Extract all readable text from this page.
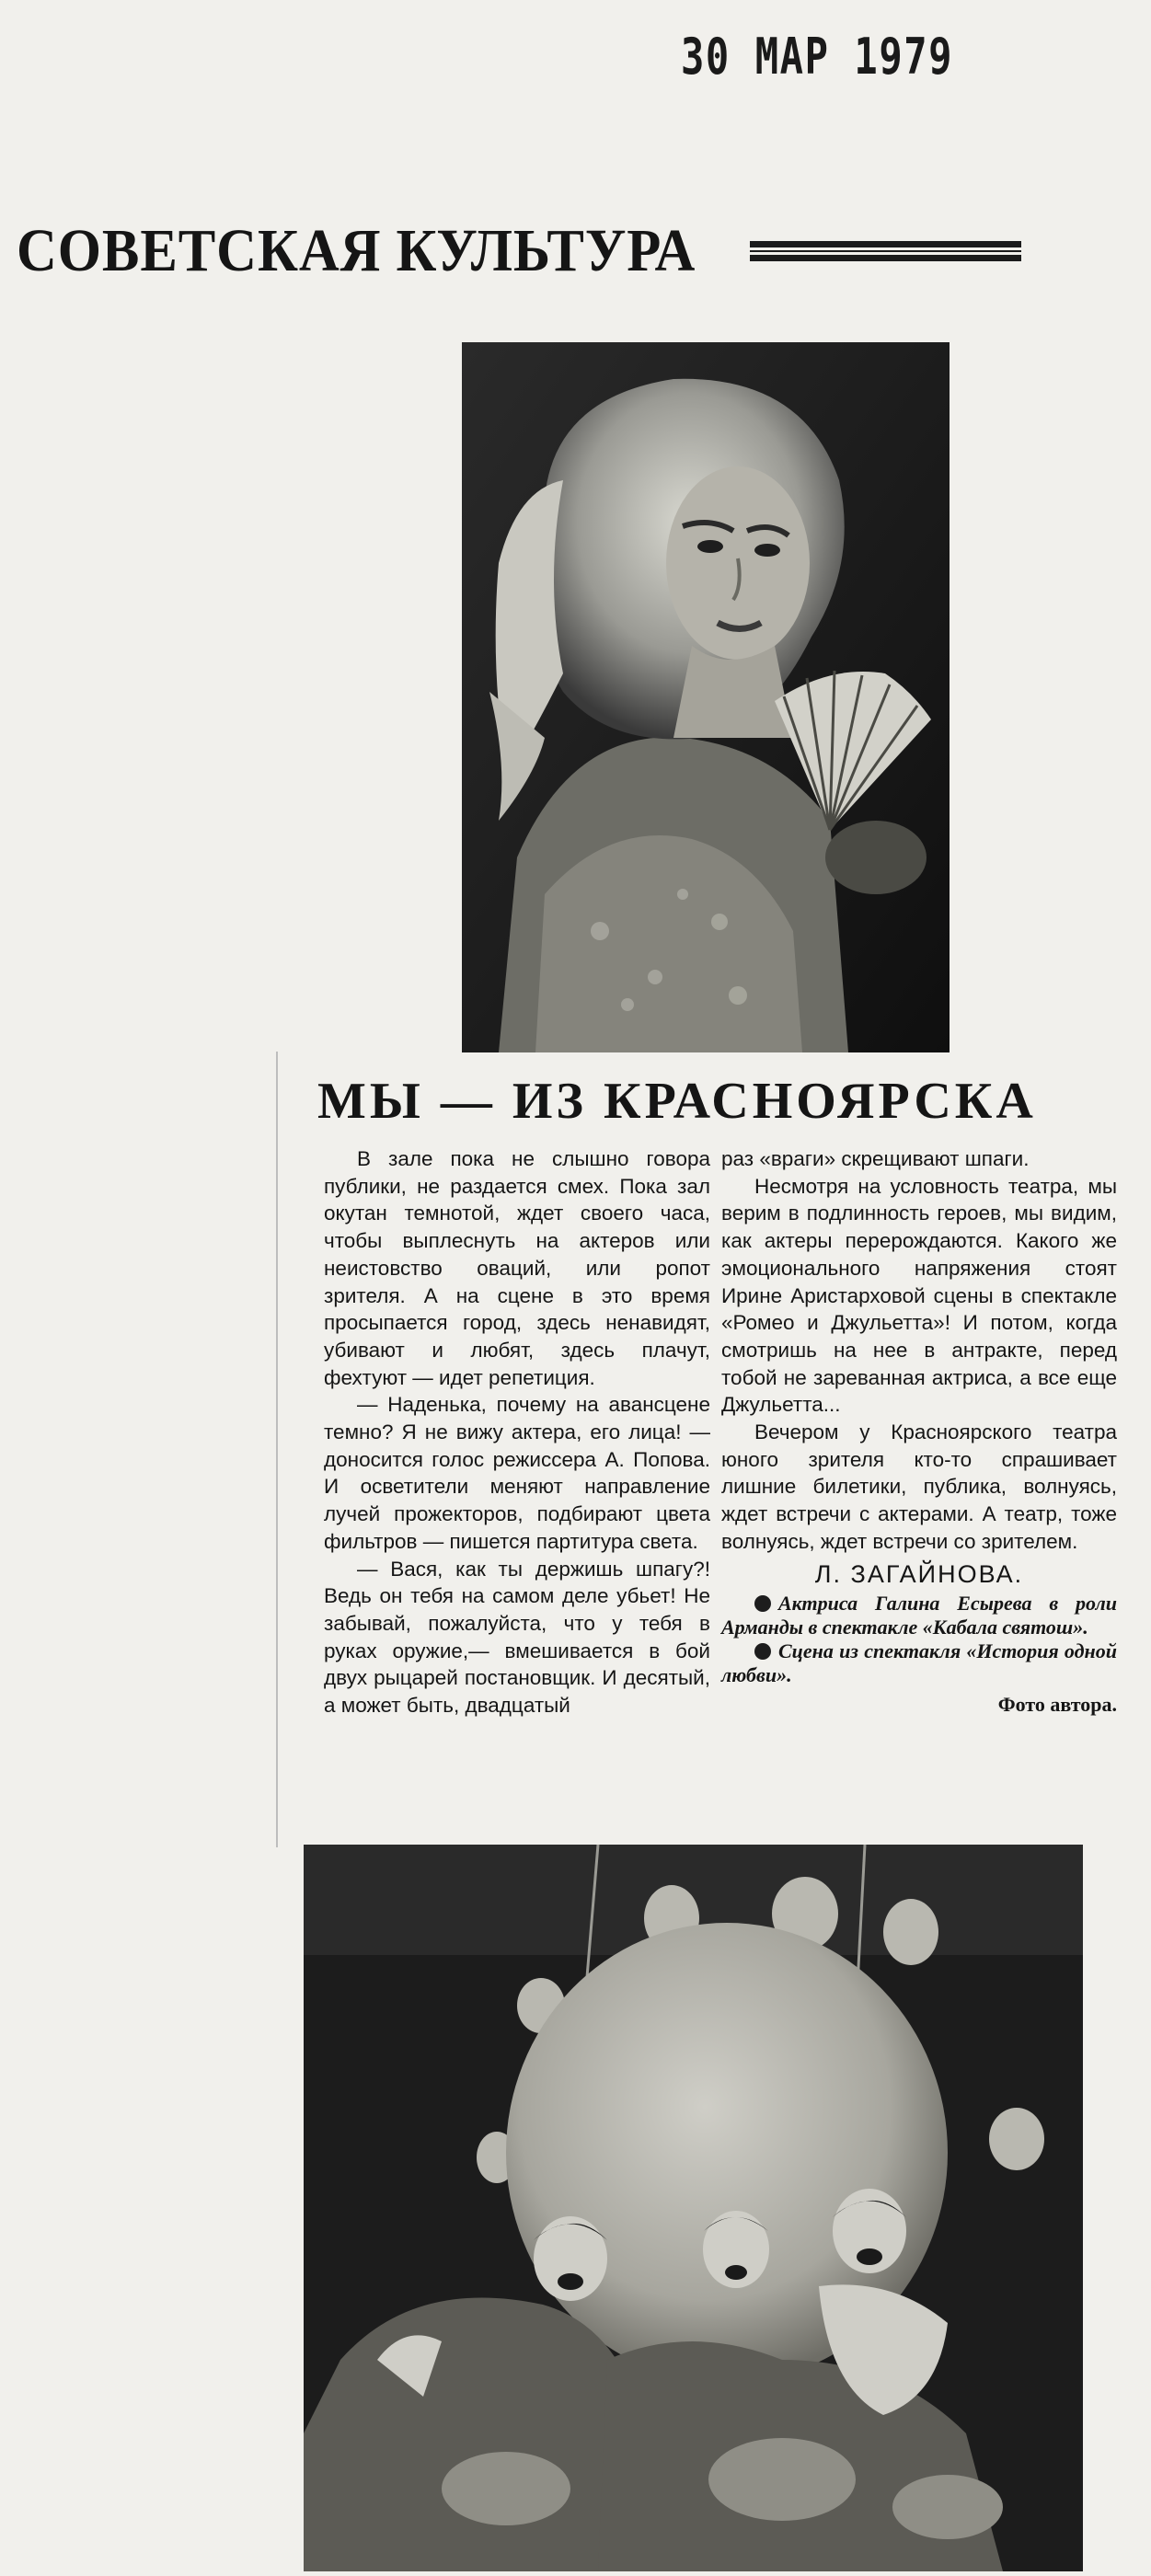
30 МАР 1979
СОВЕТСКАЯ КУЛЬТУРА
МЫ — ИЗ КРАСНОЯРСКА

В зале пока не слышно говора публики, не раздается смех. Пока зал окутан темнотой, ждет своего часа, чтобы выплеснуть на актеров или неистовство оваций, или ропот зрителя. А на сцене в это время просыпается город, здесь ненавидят, убивают и любят, здесь плачут, фехтуют — идет репетиция.

— Наденька, почему на авансцене темно? Я не вижу актера, его лица! — доносится голос режиссера А. Попова. И осветители меняют направление лучей прожекторов, подбирают цвета фильтров — пишется партитура света.

— Вася, как ты держишь шпагу?! Ведь он тебя на самом деле убьет! Не забывай, пожалуйста, что у тебя в руках оружие,— вмешивается в бой двух рыцарей постановщик. И десятый, а может быть, двадцатый

раз «враги» скрещивают шпаги.

Несмотря на условность театра, мы верим в подлинность героев, мы видим, как актеры перерождаются. Какого же эмоционального напряжения стоят Ирине Аристарховой сцены в спектакле «Ромео и Джульетта»! И потом, когда смотришь на нее в антракте, перед тобой не зареванная актриса, а все еще Джульетта...

Вечером у Красноярского театра юного зрителя кто-то спрашивает лишние билетики, публика, волнуясь, ждет встречи с актерами. А театр, тоже волнуясь, ждет встречи со зрителем.

Л. ЗАГАЙНОВА.

Актриса Галина Есырева в роли Арманды в спектакле «Кабала святош».

Сцена из спектакля «История одной любви».

Фото автора.
